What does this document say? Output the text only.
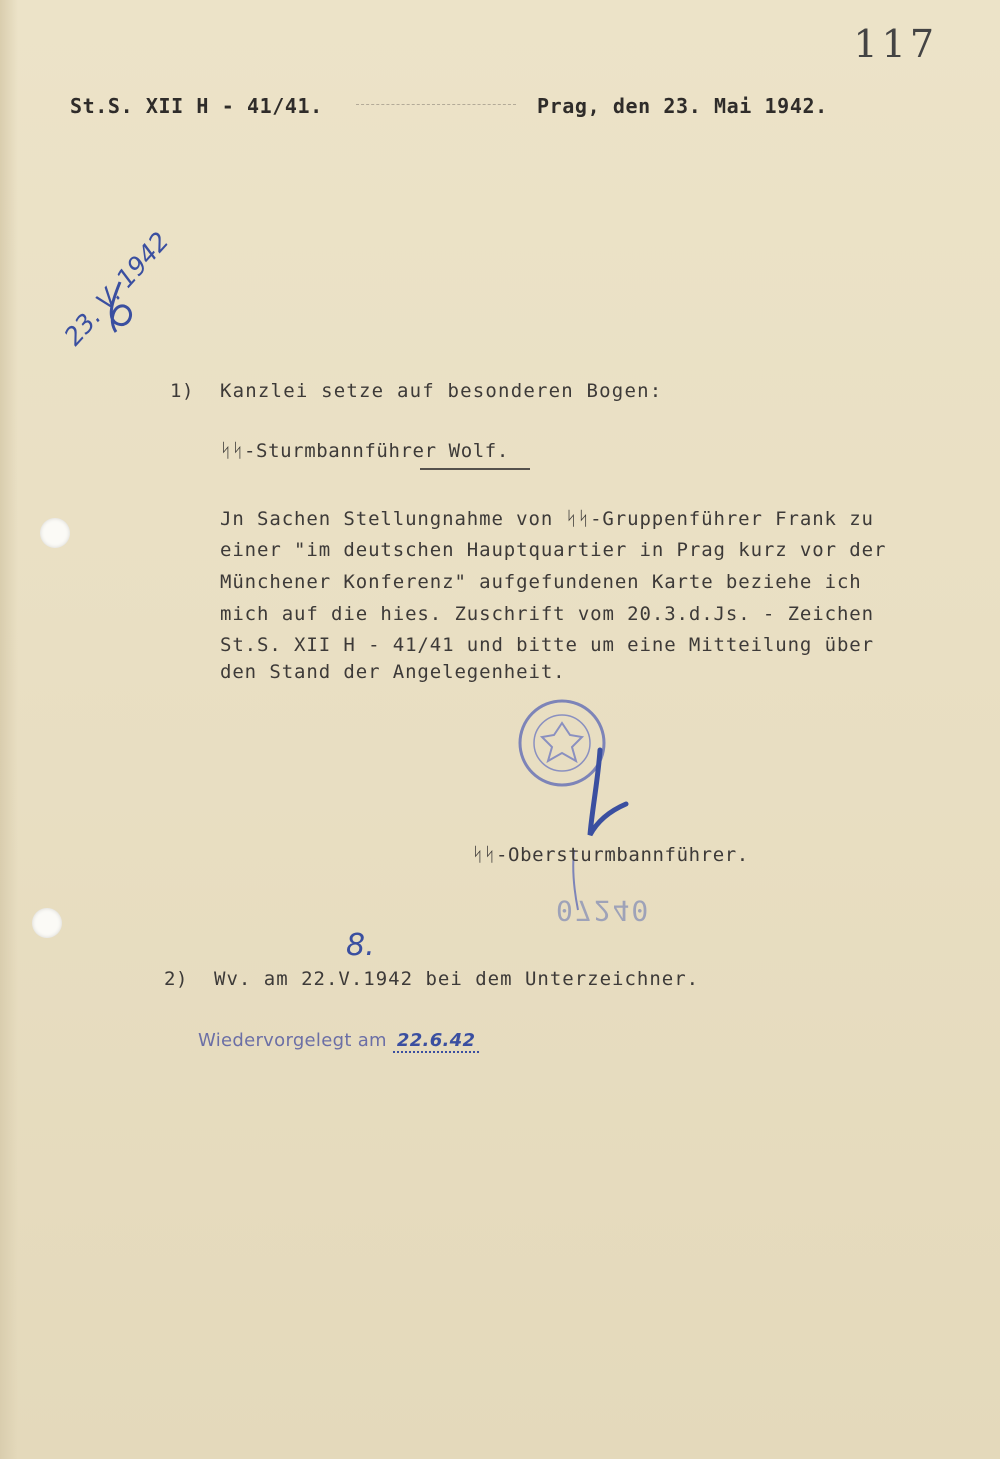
117
St.S. XII H - 41/41.	Prag, den 23. Mai 1942.
23. V. 1942
1) Kanzlei setze auf besonderen Bogen:
ᛋᛋ-Sturmbannführer Wolf.
Jn Sachen Stellungnahme von ᛋᛋ-Gruppenführer Frank zu
einer "im deutschen Hauptquartier in Prag kurz vor der
Münchener Konferenz" aufgefundenen Karte beziehe ich
mich auf die hies. Zuschrift vom 20.3.d.Js. - Zeichen
St.S. XII H - 41/41 und bitte um eine Mitteilung über
den Stand der Angelegenheit.
ᛋᛋ-Obersturmbannführer.
07240
8.
2) Wv. am 22.V.1942 bei dem Unterzeichner.
Wiedervorgelegt am 22.6.42
